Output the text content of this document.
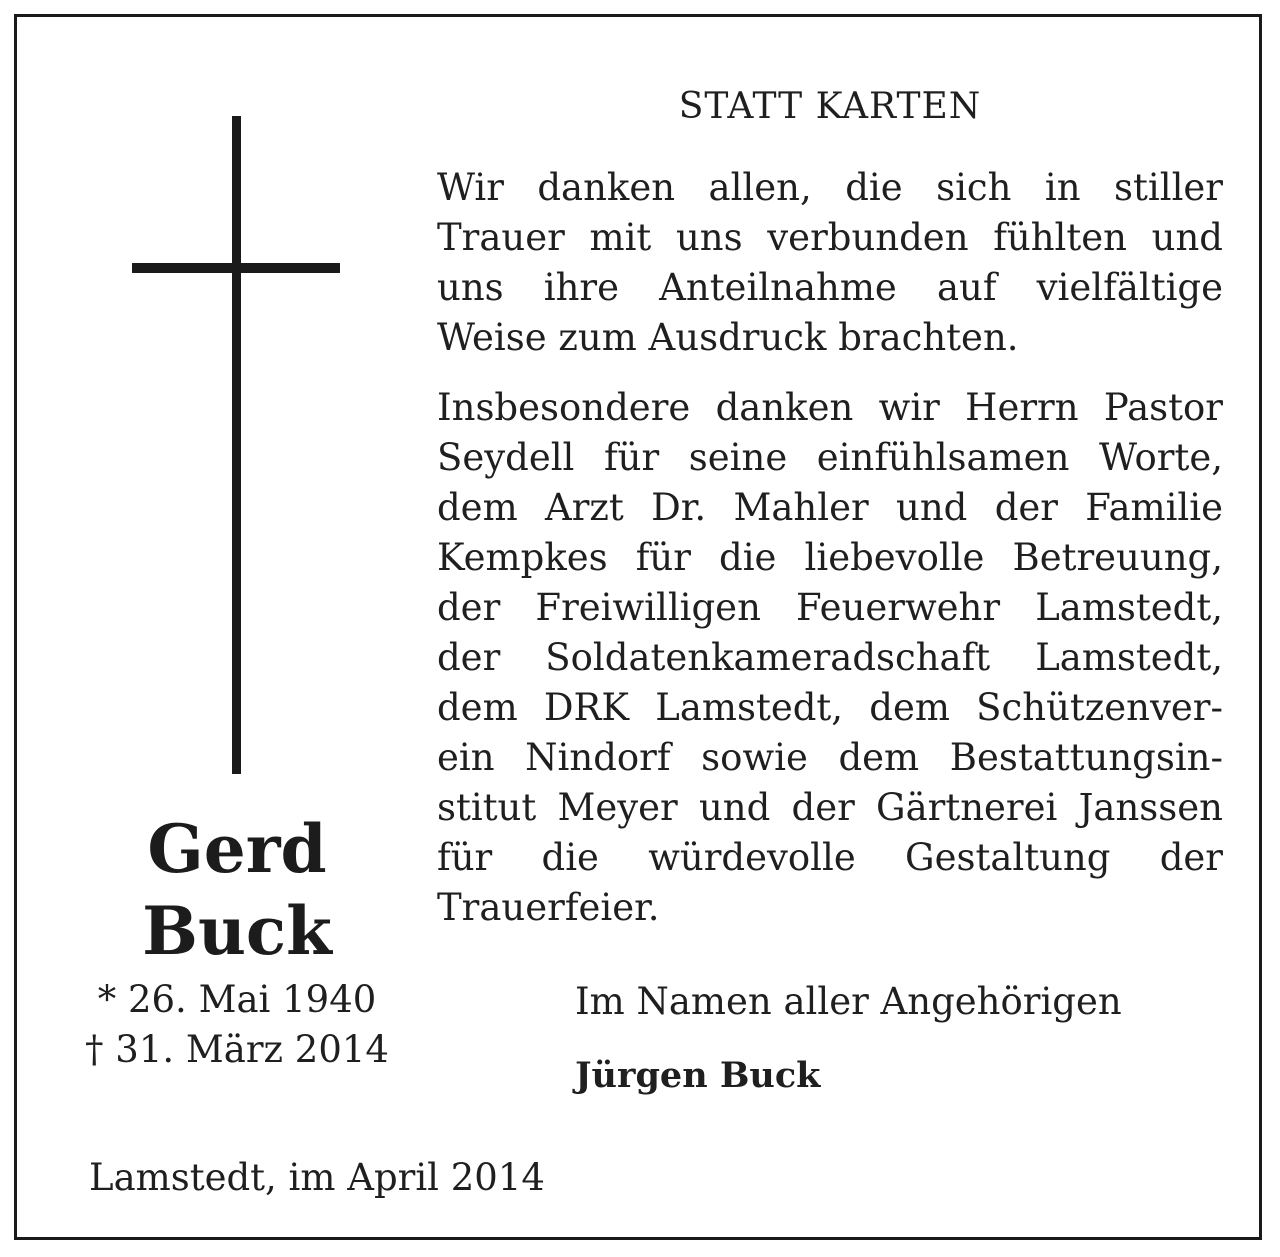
STATT KARTEN
Wir danken allen, die sich in stiller
Trauer mit uns verbunden fühlten und
uns ihre Anteilnahme auf vielfältige
Weise zum Ausdruck brachten.
Insbesondere danken wir Herrn Pastor
Seydell für seine einfühlsamen Worte,
dem Arzt Dr. Mahler und der Familie
Kempkes für die liebevolle Betreuung,
der Freiwilligen Feuerwehr Lamstedt,
der Soldatenkameradschaft Lamstedt,
dem DRK Lamstedt, dem Schützenver-
ein Nindorf sowie dem Bestattungsin-
stitut Meyer und der Gärtnerei Janssen
für die würdevolle Gestaltung der
Trauerfeier.
Gerd
Buck
* 26. Mai 1940
† 31. März 2014
Im Namen aller Angehörigen
Jürgen Buck
Lamstedt, im April 2014
